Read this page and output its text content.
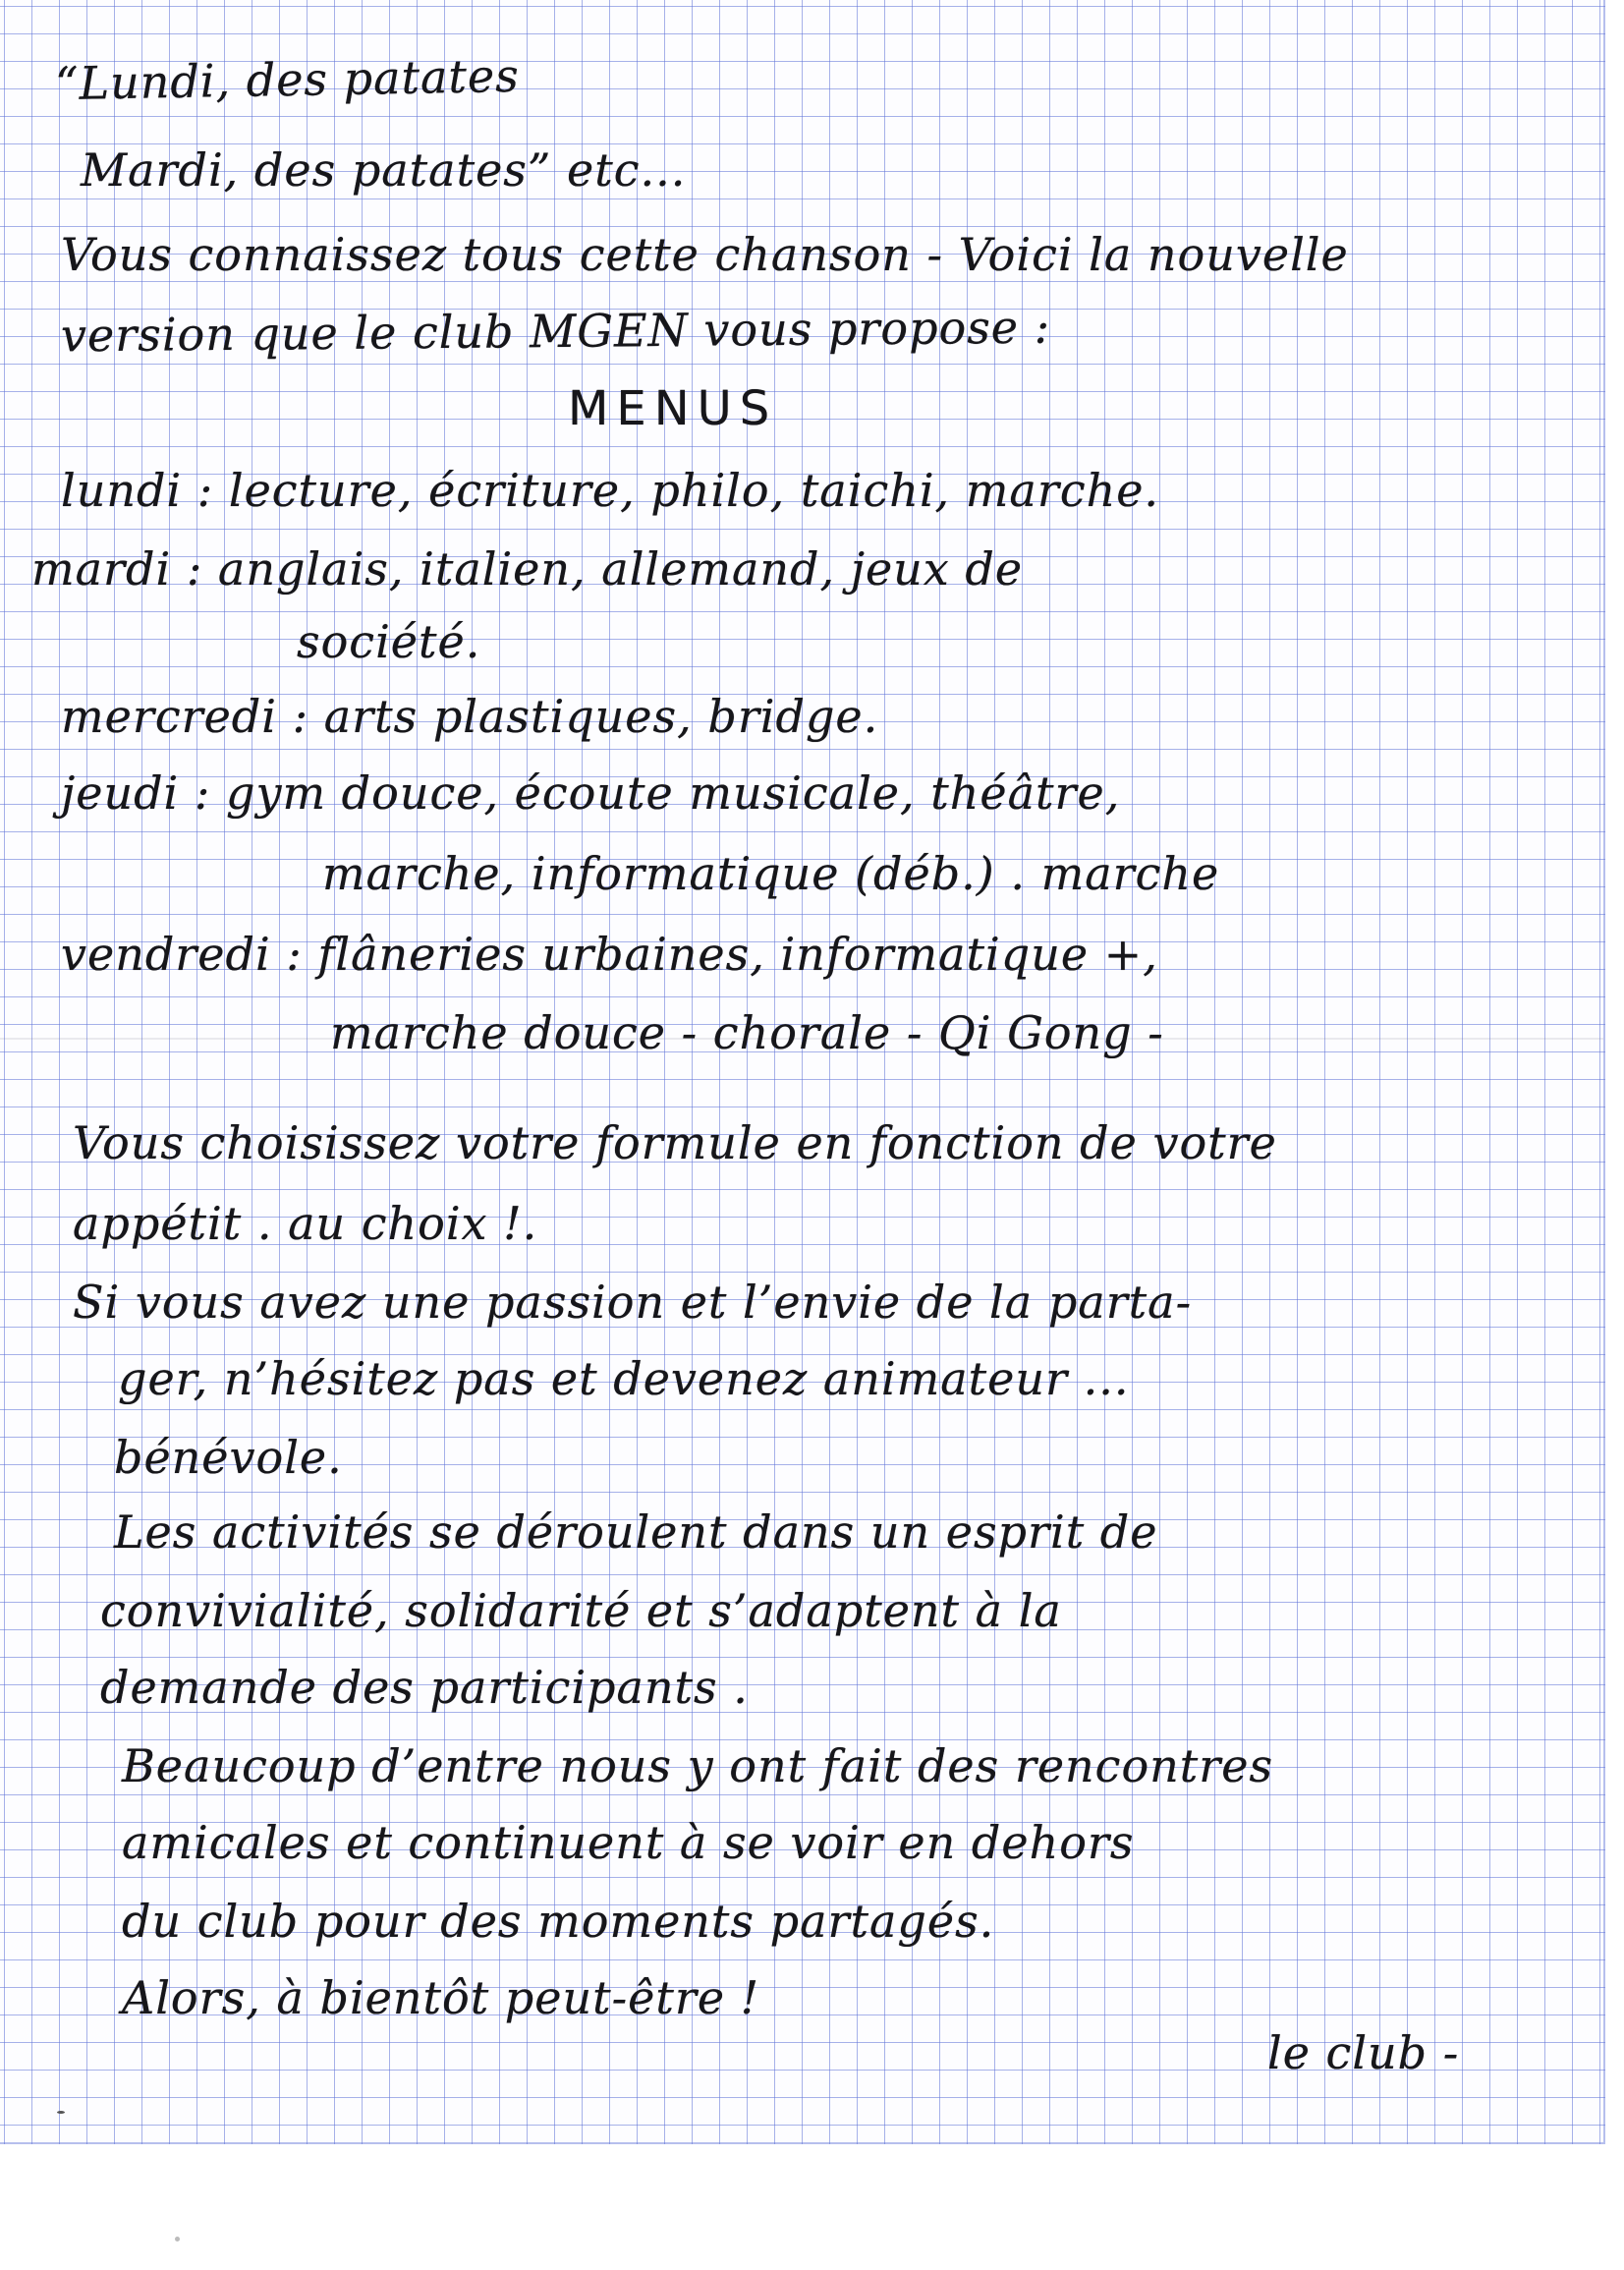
“Lundi, des patates

Mardi, des patates” etc...

Vous connaissez tous cette chanson - Voici la nouvelle

version que le club MGEN vous propose :

MENUS

lundi : lecture, écriture, philo, taichi, marche.

mardi : anglais, italien, allemand, jeux de

société.

mercredi : arts plastiques, bridge.

jeudi : gym douce, écoute musicale, théâtre,

marche, informatique (déb.) . marche

vendredi : flâneries urbaines, informatique +,

marche douce - chorale - Qi Gong -

Vous choisissez votre formule en fonction de votre

appétit . au choix !.

Si vous avez une passion et l’envie de la parta-

ger, n’hésitez pas et devenez animateur ...

bénévole.

Les activités se déroulent dans un esprit de

convivialité, solidarité et s’adaptent à la

demande des participants .

Beaucoup d’entre nous y ont fait des rencontres

amicales et continuent à se voir en dehors

du club pour des moments partagés.

Alors, à bientôt peut-être !

le club -
